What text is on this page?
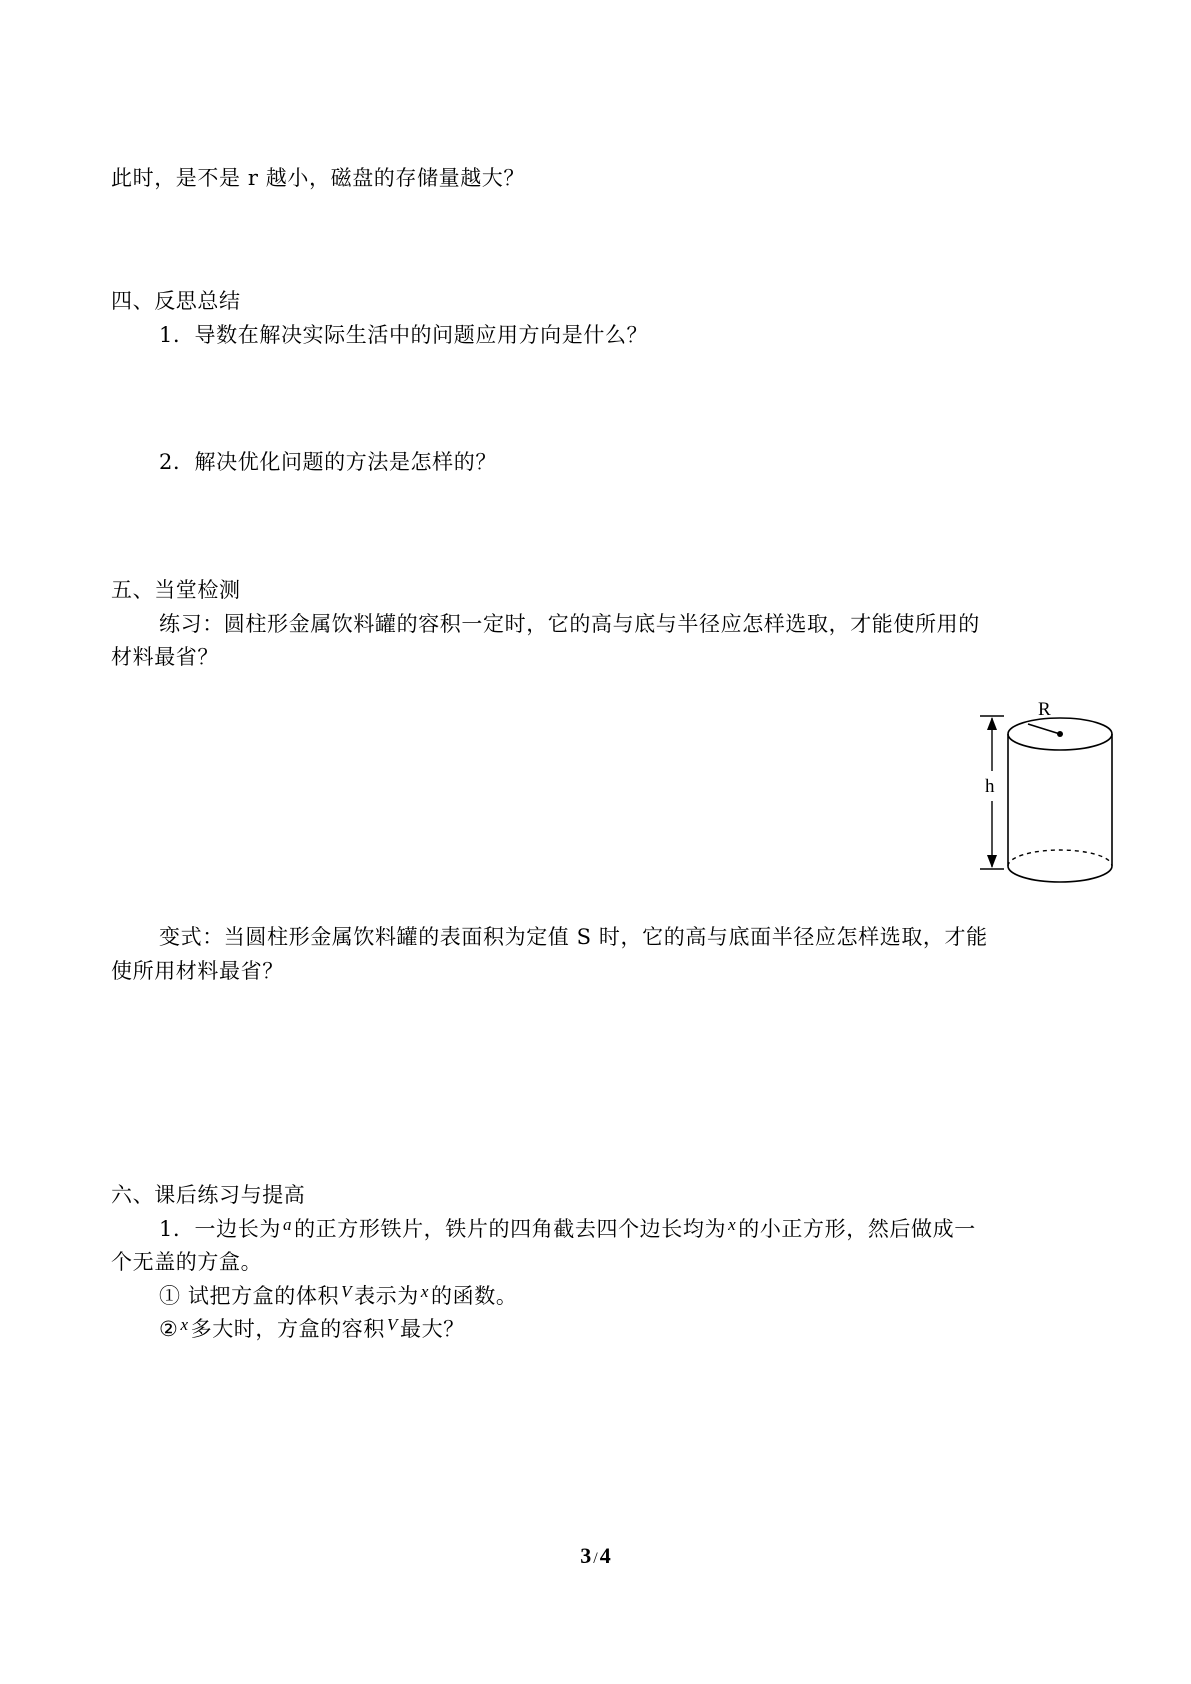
此时，是不是 r 越小，磁盘的存储量越大？
四、反思总结
1．导数在解决实际生活中的问题应用方向是什么？
2．解决优化问题的方法是怎样的？
五、当堂检测
练习：圆柱形金属饮料罐的容积一定时，它的高与底与半径应怎样选取，才能使所用的
材料最省？
R
h
变式：当圆柱形金属饮料罐的表面积为定值 S 时，它的高与底面半径应怎样选取，才能
使所用材料最省？
六、课后练习与提高
1．一边长为 $^a$的正方形铁片，铁片的四角截去四个边长均为 $^x$的小正方形，然后做成一
个无盖的方盒。
① 试把方盒的体积 $^V$表示为 $^x$的函数。
② $^x$多大时，方盒的容积 $^V$最大？
3 /4
